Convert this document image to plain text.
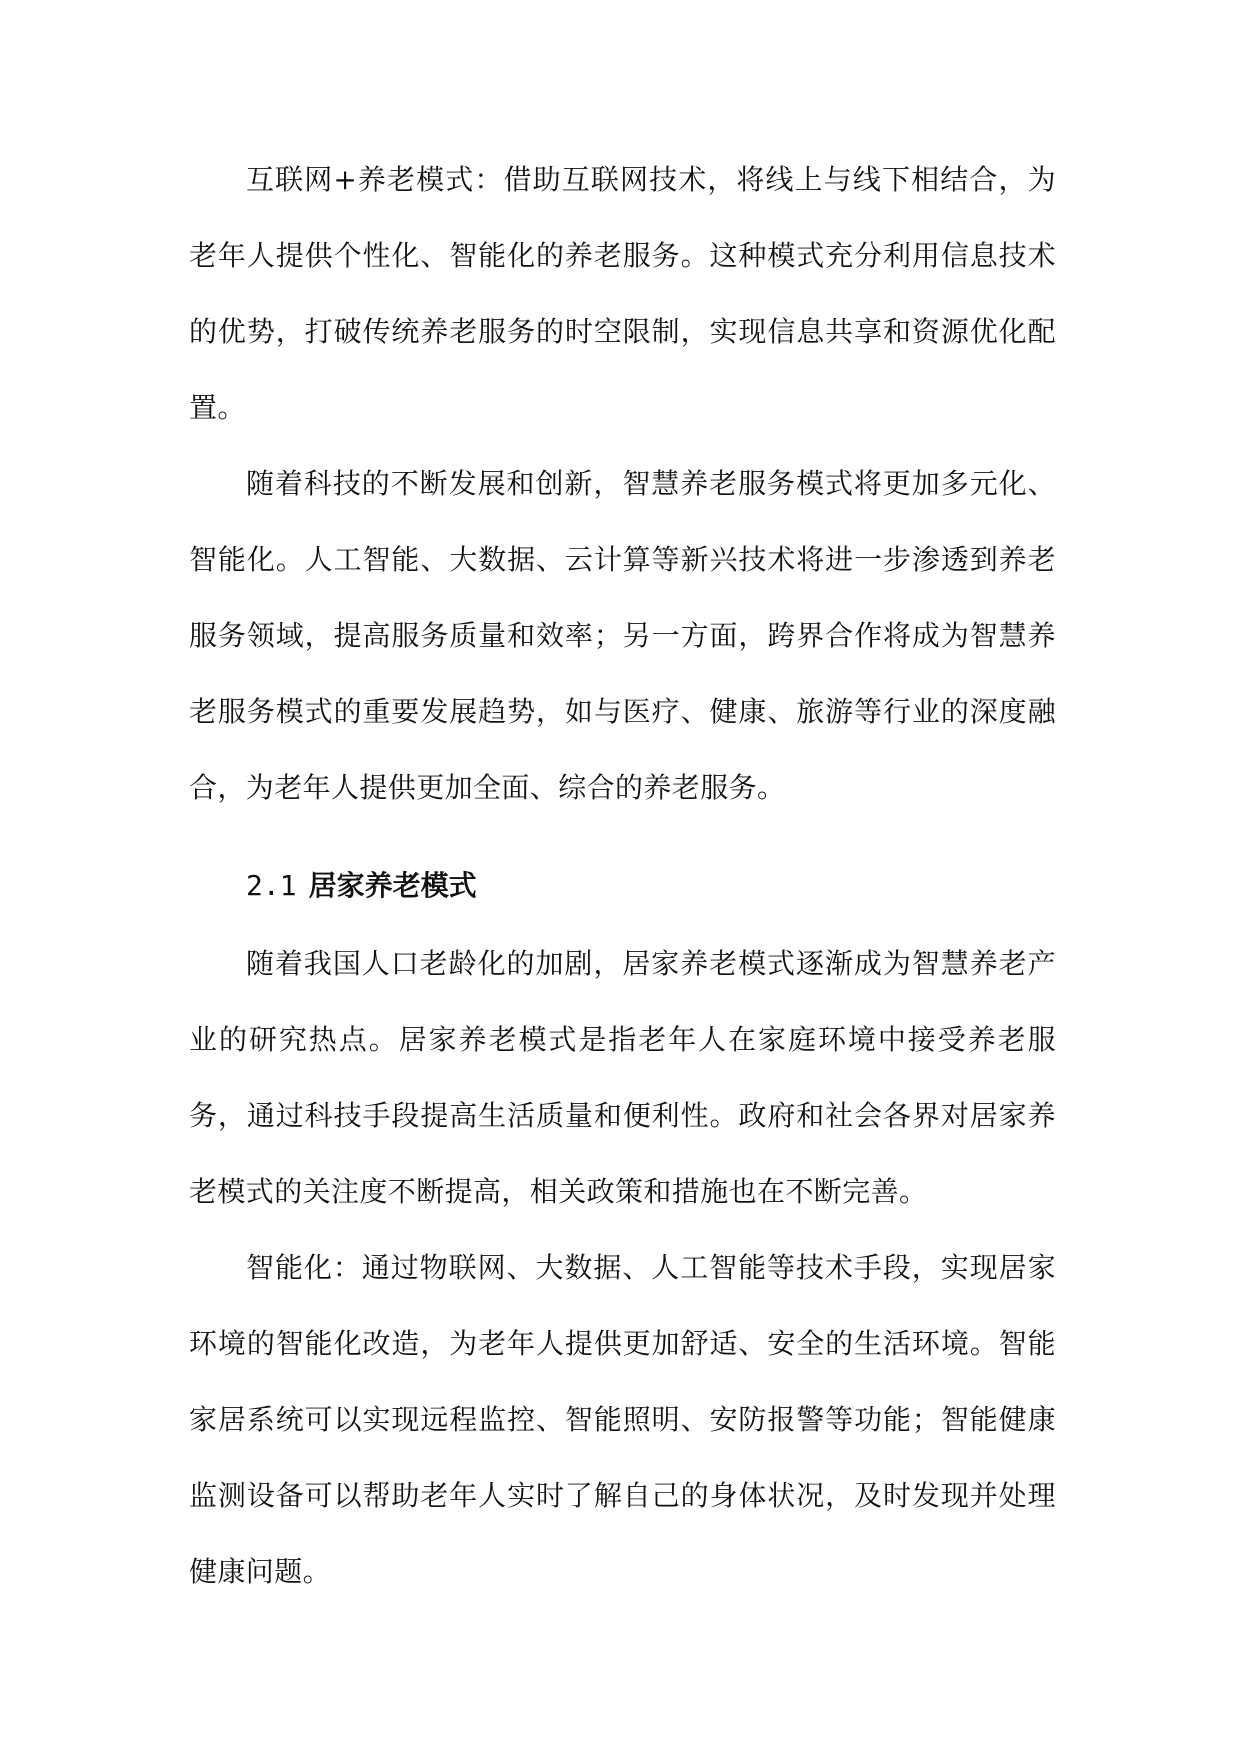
互联网+养老模式：借助互联网技术，将线上与线下相结合，为老年人提供个性化、智能化的养老服务。这种模式充分利用信息技术的优势，打破传统养老服务的时空限制，实现信息共享和资源优化配置。

随着科技的不断发展和创新，智慧养老服务模式将更加多元化、智能化。人工智能、大数据、云计算等新兴技术将进一步渗透到养老服务领域，提高服务质量和效率；另一方面，跨界合作将成为智慧养老服务模式的重要发展趋势，如与医疗、健康、旅游等行业的深度融合，为老年人提供更加全面、综合的养老服务。

2.1 居家养老模式

随着我国人口老龄化的加剧，居家养老模式逐渐成为智慧养老产业的研究热点。居家养老模式是指老年人在家庭环境中接受养老服务，通过科技手段提高生活质量和便利性。政府和社会各界对居家养老模式的关注度不断提高，相关政策和措施也在不断完善。

智能化：通过物联网、大数据、人工智能等技术手段，实现居家环境的智能化改造，为老年人提供更加舒适、安全的生活环境。智能家居系统可以实现远程监控、智能照明、安防报警等功能；智能健康监测设备可以帮助老年人实时了解自己的身体状况，及时发现并处理健康问题。
